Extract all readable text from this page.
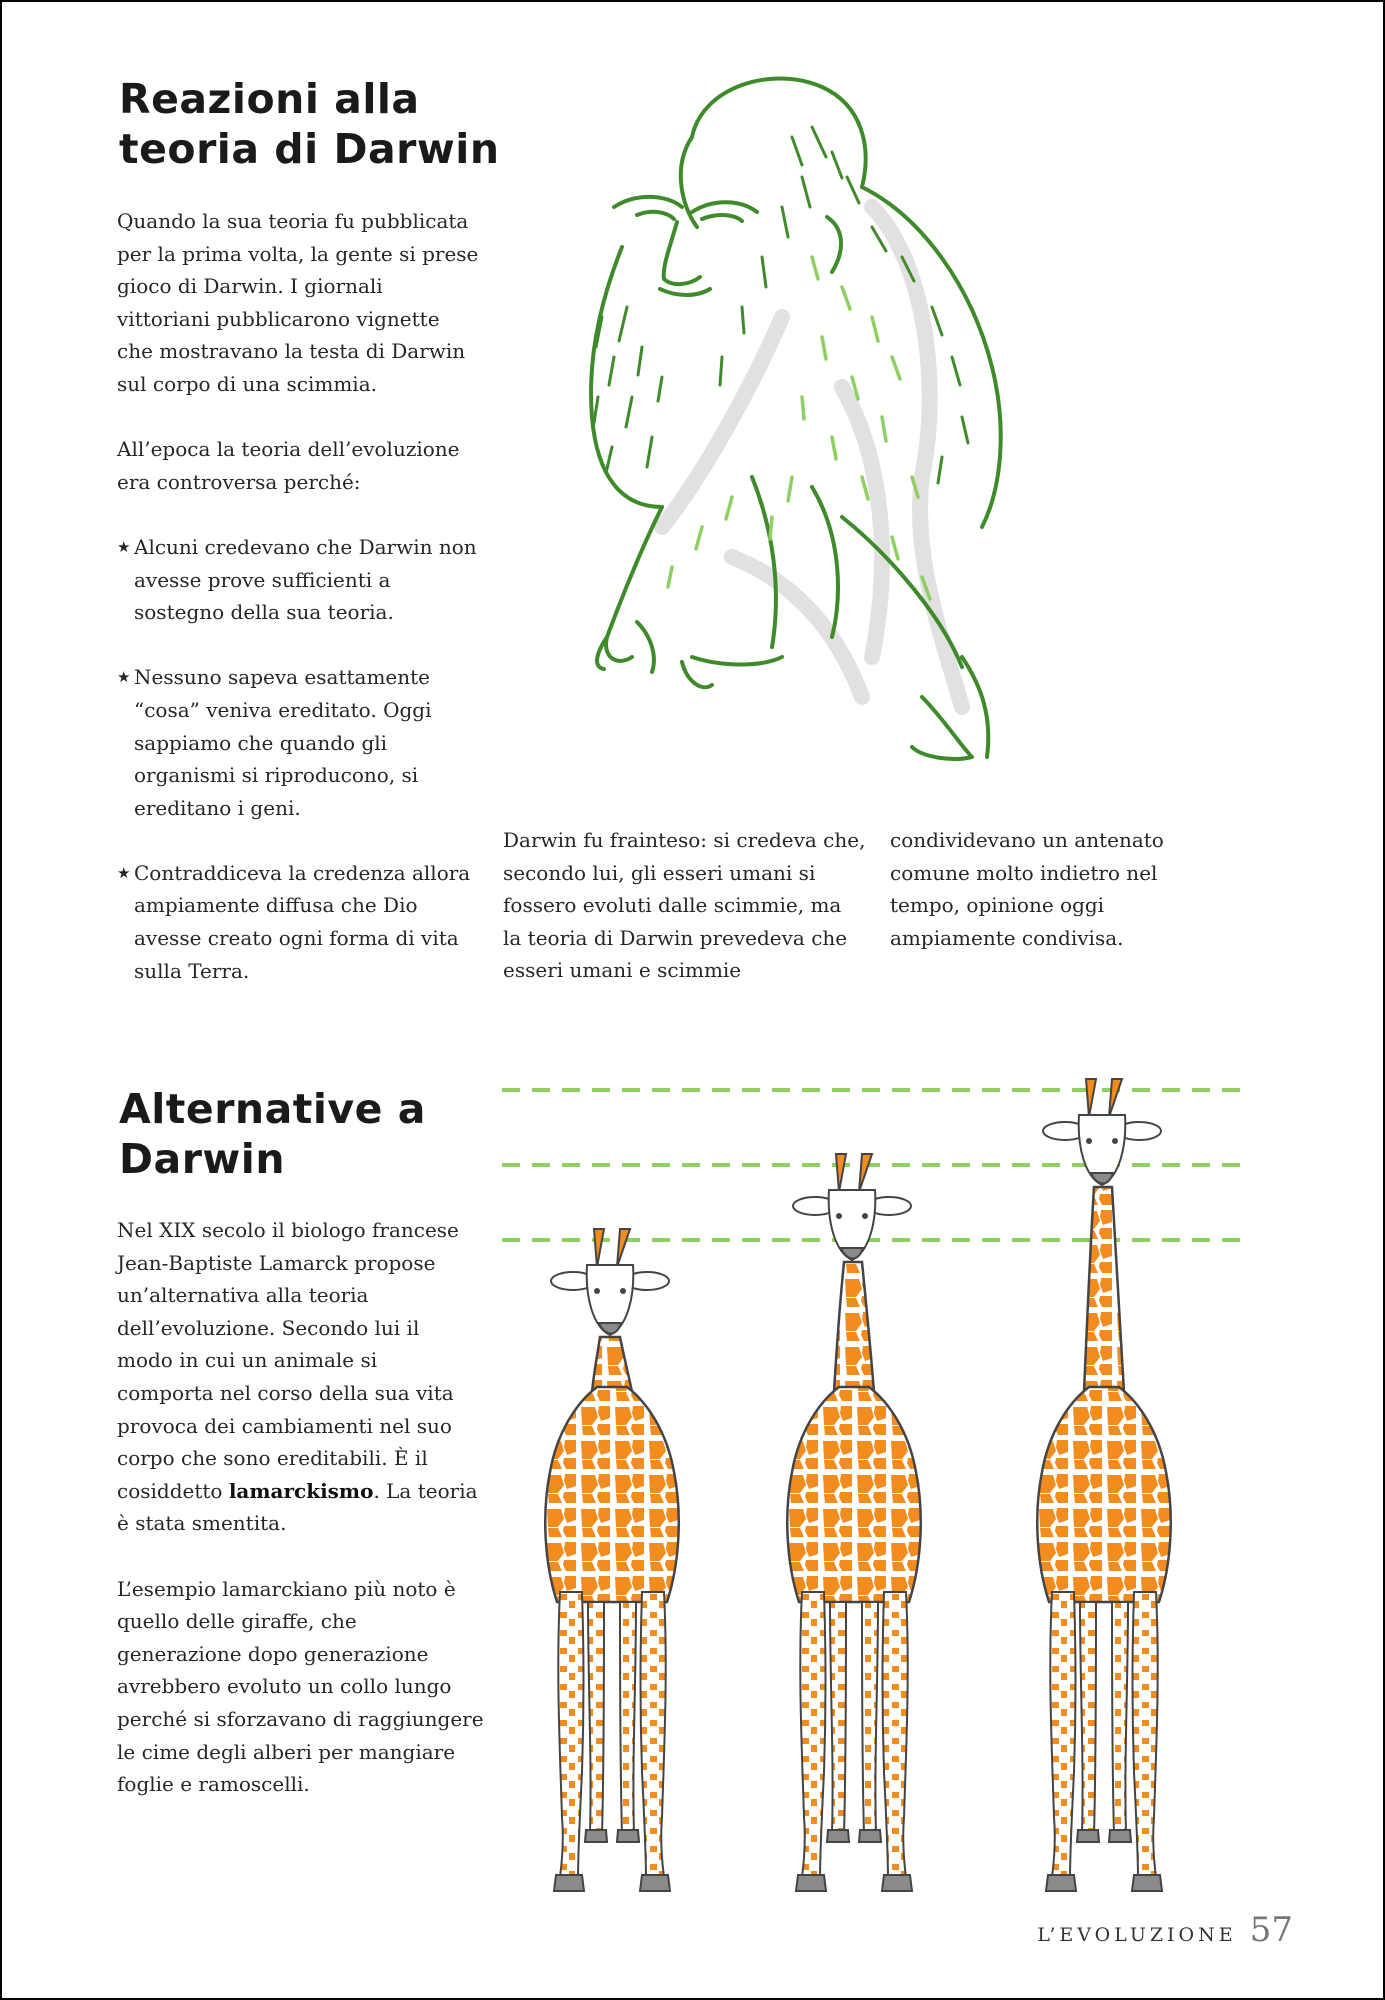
Reazioni alla
teoria di Darwin

Quando la sua teoria fu pubblicata

per la prima volta, la gente si prese

gioco di Darwin. I giornali

vittoriani pubblicarono vignette

che mostravano la testa di Darwin

sul corpo di una scimmia.

All’epoca la teoria dell’evoluzione

era controversa perché:

★ Alcuni credevano che Darwin non

avesse prove sufficienti a

sostegno della sua teoria.

★ Nessuno sapeva esattamente

“cosa” veniva ereditato. Oggi

sappiamo che quando gli

organismi si riproducono, si

ereditano i geni.

★ Contraddiceva la credenza allora

ampiamente diffusa che Dio

avesse creato ogni forma di vita

sulla Terra.

Darwin fu frainteso: si credeva che,

secondo lui, gli esseri umani si

fossero evoluti dalle scimmie, ma

la teoria di Darwin prevedeva che

esseri umani e scimmie

condividevano un antenato

comune molto indietro nel

tempo, opinione oggi

ampiamente condivisa.

Alternative a
Darwin

Nel XIX secolo il biologo francese

Jean-Baptiste Lamarck propose

un’alternativa alla teoria

dell’evoluzione. Secondo lui il

modo in cui un animale si

comporta nel corso della sua vita

provoca dei cambiamenti nel suo

corpo che sono ereditabili. È il

cosiddetto lamarckismo. La teoria

è stata smentita.

L’esempio lamarckiano più noto è

quello delle giraffe, che

generazione dopo generazione

avrebbero evoluto un collo lungo

perché si sforzavano di raggiungere

le cime degli alberi per mangiare

foglie e ramoscelli.

L’EVOLUZIONE 57
